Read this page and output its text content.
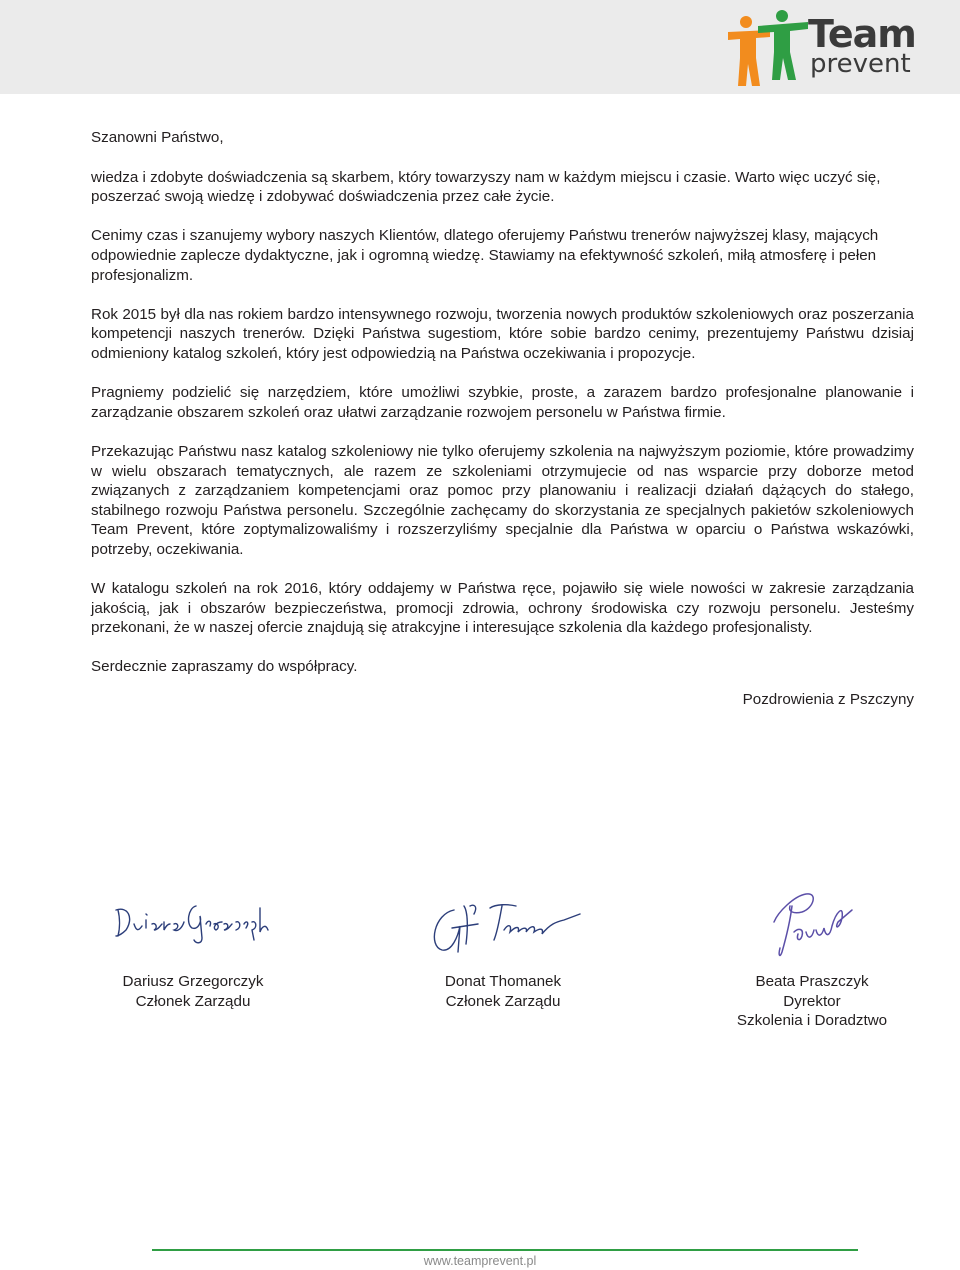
Team
prevent

Szanowni Państwo,

wiedza i zdobyte doświadczenia są skarbem, który towarzyszy nam w każdym miejscu i czasie. Warto więc uczyć się, poszerzać swoją wiedzę i zdobywać doświadczenia przez całe życie.

Cenimy czas i szanujemy wybory naszych Klientów, dlatego oferujemy Państwu trenerów najwyższej klasy, mających odpowiednie zaplecze dydaktyczne, jak i ogromną wiedzę. Stawiamy na efektywność szkoleń, miłą atmosferę i pełen profesjonalizm.

Rok 2015 był dla nas rokiem bardzo intensywnego rozwoju, tworzenia nowych produktów szkoleniowych oraz poszerzania kompetencji naszych trenerów. Dzięki Państwa sugestiom, które sobie bardzo cenimy, prezentujemy Państwu dzisiaj odmieniony katalog szkoleń, który jest odpowiedzią na Państwa oczekiwania i propozycje.

Pragniemy podzielić się narzędziem, które umożliwi szybkie, proste, a zarazem bardzo profesjonalne planowanie i zarządzanie obszarem szkoleń oraz ułatwi zarządzanie rozwojem personelu w Państwa firmie.

Przekazując Państwu nasz katalog szkoleniowy nie tylko oferujemy szkolenia na najwyższym poziomie, które prowadzimy w wielu obszarach tematycznych, ale razem ze szkoleniami otrzymujecie od nas wsparcie przy doborze metod związanych z zarządzaniem kompetencjami oraz pomoc przy planowaniu i realizacji działań dążących do stałego, stabilnego rozwoju Państwa personelu. Szczególnie zachęcamy do skorzystania ze specjalnych pakietów szkoleniowych Team Prevent, które zoptymalizowaliśmy i rozszerzyliśmy specjalnie dla Państwa w oparciu o Państwa wskazówki, potrzeby, oczekiwania.

W katalogu szkoleń na rok 2016, który oddajemy w Państwa ręce, pojawiło się wiele nowości w zakresie zarządzania jakością, jak i obszarów bezpieczeństwa, promocji zdrowia, ochrony środowiska czy rozwoju personelu. Jesteśmy przekonani, że w naszej ofercie znajdują się atrakcyjne i interesujące szkolenia dla każdego profesjonalisty.

Serdecznie zapraszamy do współpracy.

Pozdrowienia z Pszczyny
Dariusz Grzegorczyk
Członek Zarządu
Donat Thomanek
Członek Zarządu
Beata Praszczyk
Dyrektor
Szkolenia i Doradztwo
www.teamprevent.pl
